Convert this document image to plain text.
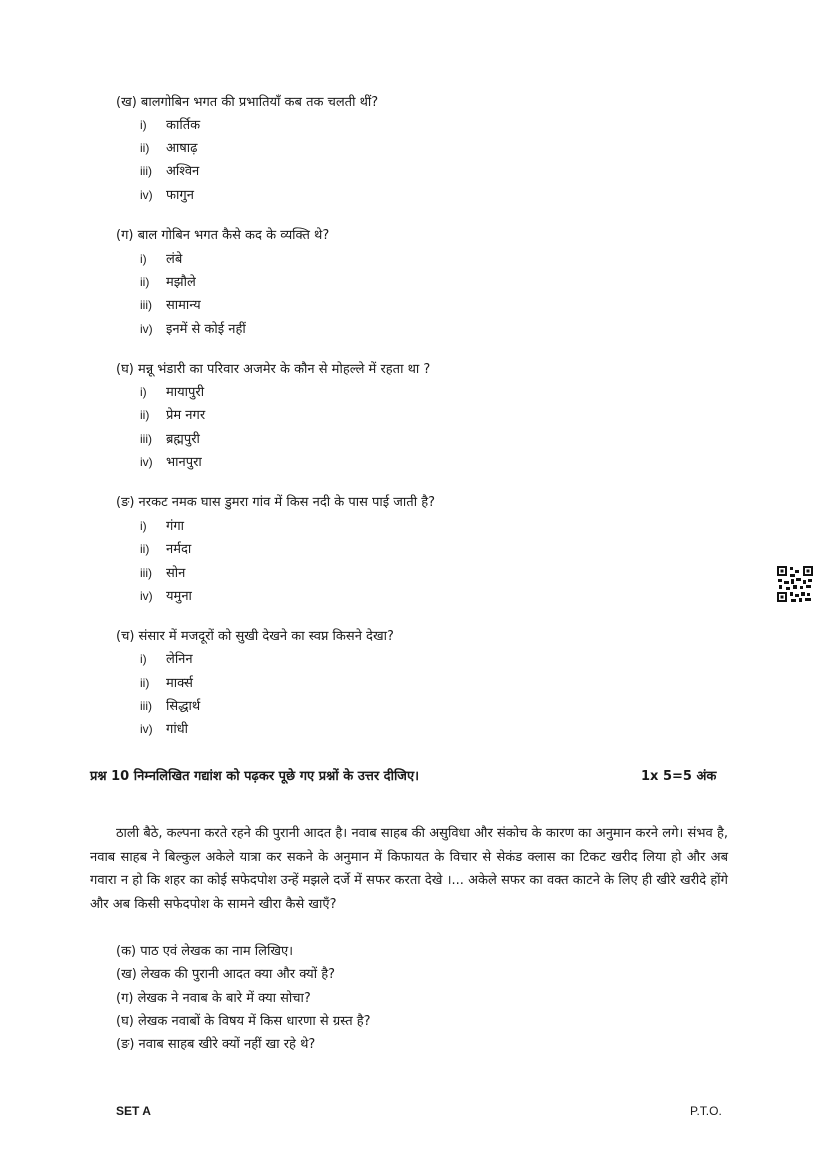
(ख) बालगोबिन भगत की प्रभातियाँ कब तक चलती थीं?
i) कार्तिक
ii) आषाढ़
iii) अश्विन
iv) फागुन
(ग) बाल गोबिन भगत कैसे कद के व्यक्ति थे?
i) लंबे
ii) मझौले
iii) सामान्य
iv) इनमें से कोई नहीं
(घ) मन्नू भंडारी का परिवार अजमेर के कौन से मोहल्ले में रहता था ?
i) मायापुरी
ii) प्रेम नगर
iii) ब्रह्मपुरी
iv) भानपुरा
(ङ) नरकट नमक घास डुमरा गांव में किस नदी के पास पाई जाती है?
i) गंगा
ii) नर्मदा
iii) सोन
iv) यमुना
(च) संसार में मजदूरों को सुखी देखने का स्वप्न किसने देखा?
i) लेनिन
ii) मार्क्स
iii) सिद्धार्थ
iv) गांधी
प्रश्न 10 निम्नलिखित गद्यांश को पढ़कर पूछे गए प्रश्नों के उत्तर दीजिए।	1x 5=5 अंक
ठाली बैठे, कल्पना करते रहने की पुरानी आदत है। नवाब साहब की असुविधा और संकोच के कारण का अनुमान करने लगे। संभव है, नवाब साहब ने बिल्कुल अकेले यात्रा कर सकने के अनुमान में किफायत के विचार से सेकंड क्लास का टिकट खरीद लिया हो और अब गवारा न हो कि शहर का कोई सफेदपोश उन्हें मझले दर्जे में सफर करता देखे ।... अकेले सफर का वक्त काटने के लिए ही खीरे खरीदे होंगे और अब किसी सफेदपोश के सामने खीरा कैसे खाएँ?
(क) पाठ एवं लेखक का नाम लिखिए।
(ख) लेखक की पुरानी आदत क्या और क्यों है?
(ग) लेखक ने नवाब के बारे में क्या सोचा?
(घ) लेखक नवाबों के विषय में किस धारणा से ग्रस्त है?
(ङ) नवाब साहब खीरे क्यों नहीं खा रहे थे?
SET A	P.T.O.
